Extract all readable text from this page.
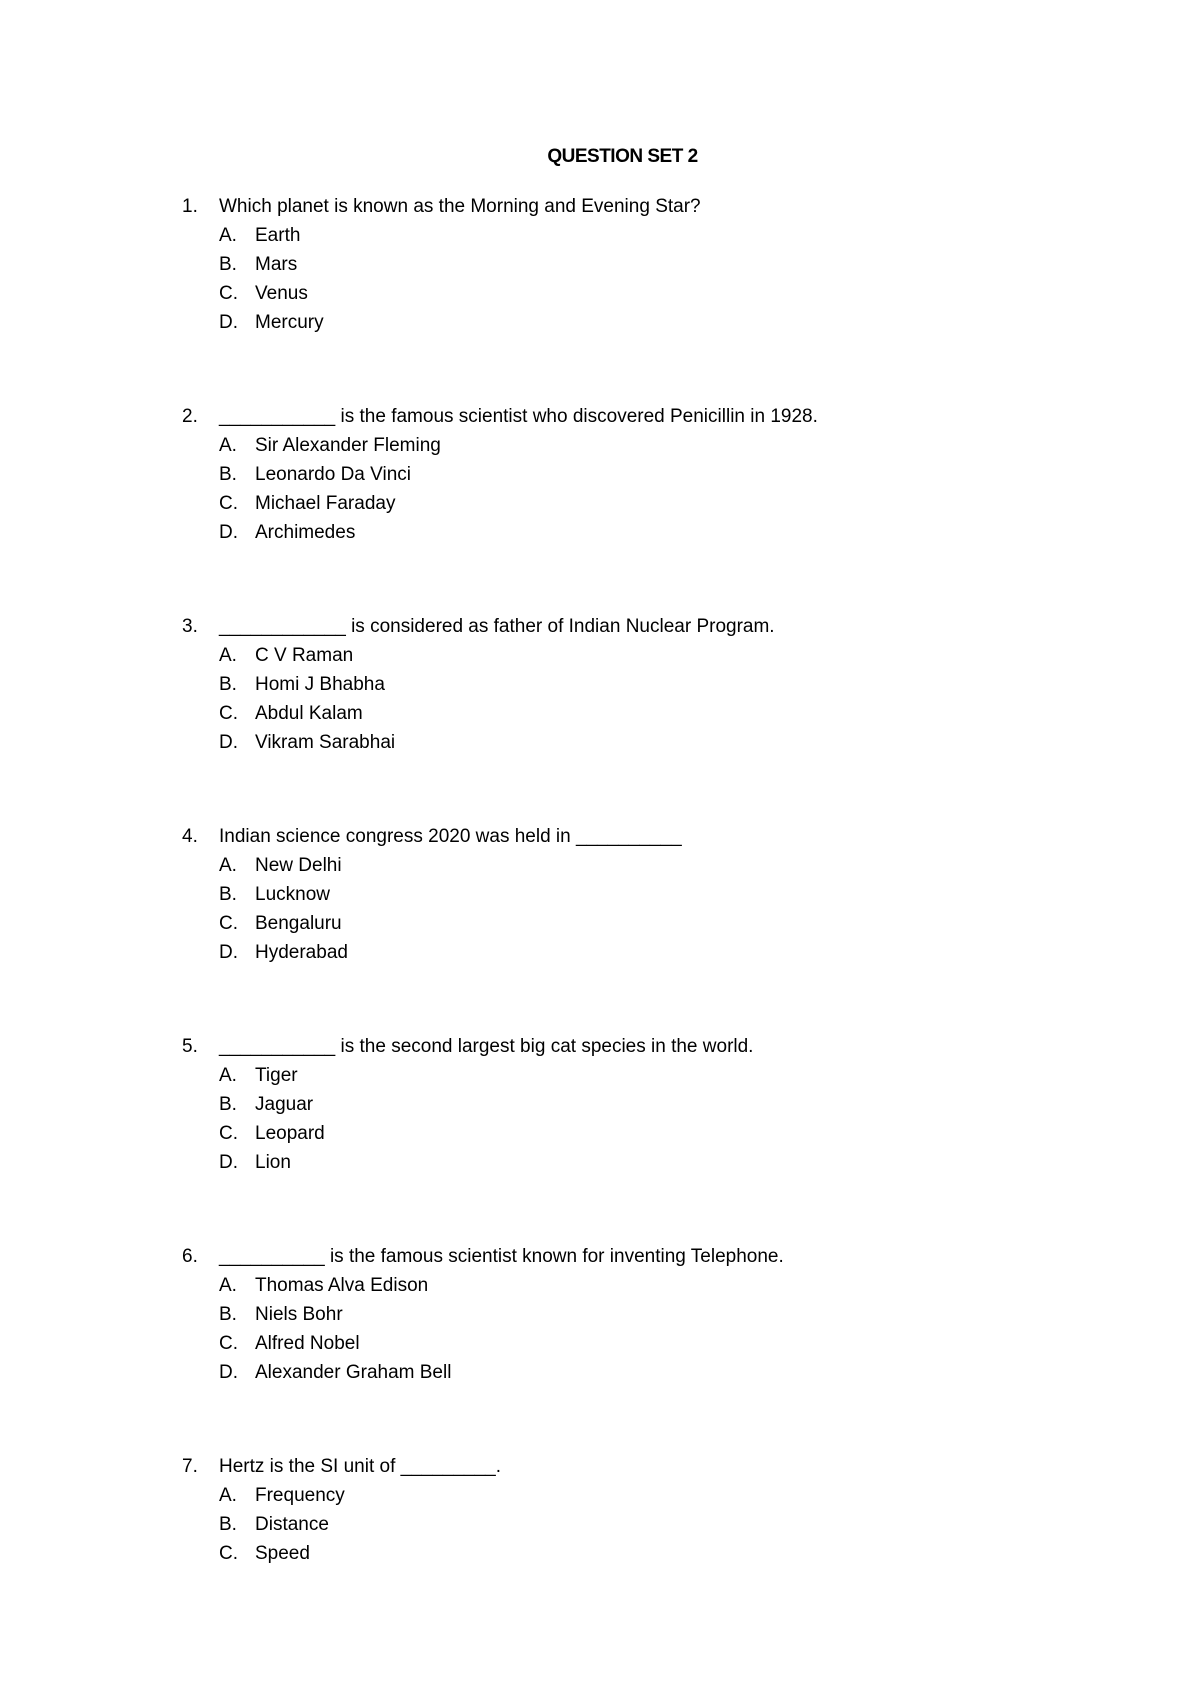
QUESTION SET 2
1.	Which planet is known as the Morning and Evening Star?
A. Earth
B. Mars
C. Venus
D. Mercury
2.	___________ is the famous scientist who discovered Penicillin in 1928.
A. Sir Alexander Fleming
B. Leonardo Da Vinci
C. Michael Faraday
D. Archimedes
3.	____________ is considered as father of Indian Nuclear Program.
A. C V Raman
B. Homi J Bhabha
C. Abdul Kalam
D. Vikram Sarabhai
4.	Indian science congress 2020 was held in __________
A. New Delhi
B. Lucknow
C. Bengaluru
D. Hyderabad
5.	___________ is the second largest big cat species in the world.
A. Tiger
B. Jaguar
C. Leopard
D. Lion
6.	__________ is the famous scientist known for inventing Telephone.
A. Thomas Alva Edison
B. Niels Bohr
C. Alfred Nobel
D. Alexander Graham Bell
7.	Hertz is the SI unit of _________.
A. Frequency
B. Distance
C. Speed
